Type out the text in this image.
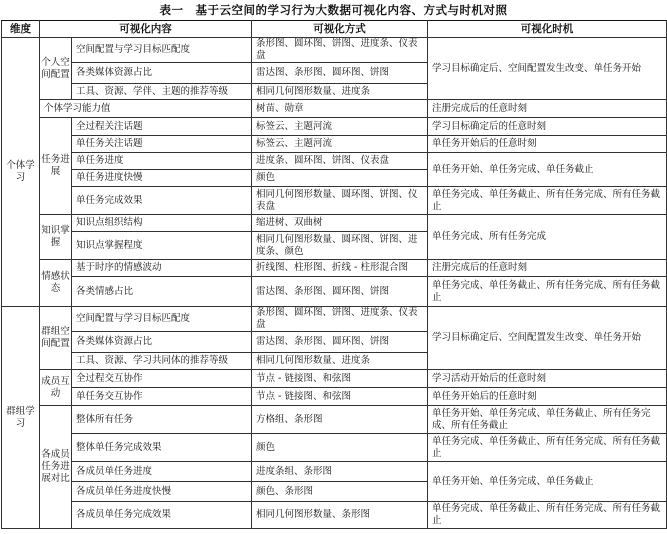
表一　基于云空间的学习行为大数据可视化内容、方式与时机对照
维度	可视化内容		可视化方式	可视化时机
个体学习	个人空间配置	空间配置与学习目标匹配度	条形图、圆环图、饼图、进度条、仪表盘	学习目标确定后、空间配置发生改变、单任务开始
		各类媒体资源占比	雷达图、条形图、圆环图、饼图	
		工具、资源、学伴、主题的推荐等级	相同几何图形数量、进度条	
	个体学习能力值		树苗、勋章	注册完成后的任意时刻
	任务进展	全过程关注话题	标签云、主题河流	学习目标确定后的任意时刻
		单任务关注话题	标签云、主题河流	单任务开始后的任意时刻
		单任务进度	进度条、圆环图、饼图、仪表盘	单任务开始、单任务完成、单任务截止
		单任务进度快慢	颜色	
		单任务完成效果	相同几何图形数量、圆环图、饼图、仪表盘	单任务完成、单任务截止、所有任务完成、所有任务截止
	知识掌握	知识点组织结构	缩进树、双曲树	单任务完成、所有任务完成
		知识点掌握程度	相同几何图形数量、圆环图、饼图、进度条、颜色	
	情感状态	基于时序的情感波动	折线图、柱形图、折线 - 柱形混合图	注册完成后的任意时刻
		各类情感占比	雷达图、条形图、圆环图、饼图	单任务完成、单任务截止、所有任务完成、所有任务截止
群组学习	群组空间配置	空间配置与学习目标匹配度	条形图、圆环图、饼图、进度条、仪表盘	学习目标确定后、空间配置发生改变、单任务开始
		各类媒体资源占比	雷达图、条形图、圆环图、饼图	
		工具、资源、学习共同体的推荐等级	相同几何图形数量、进度条	
	成员互动	全过程交互协作	节点 - 链接图、和弦图	学习活动开始后的任意时刻
		单任务交互协作	节点 - 链接图、和弦图	单任务开始后的任意时刻
	各成员任务进展对比	整体所有任务	方格组、条形图	单任务开始、单任务完成、单任务截止、所有任务完成、所有任务截止
		整体单任务完成效果	颜色	单任务完成、单任务截止、所有任务完成、所有任务截止
		各成员单任务进度	进度条组、条形图	单任务开始、单任务完成、单任务截止
		各成员单任务进度快慢	颜色、条形图	
		各成员单任务完成效果	相同几何图形数量、条形图	单任务完成、单任务截止、所有任务完成、所有任务截止
